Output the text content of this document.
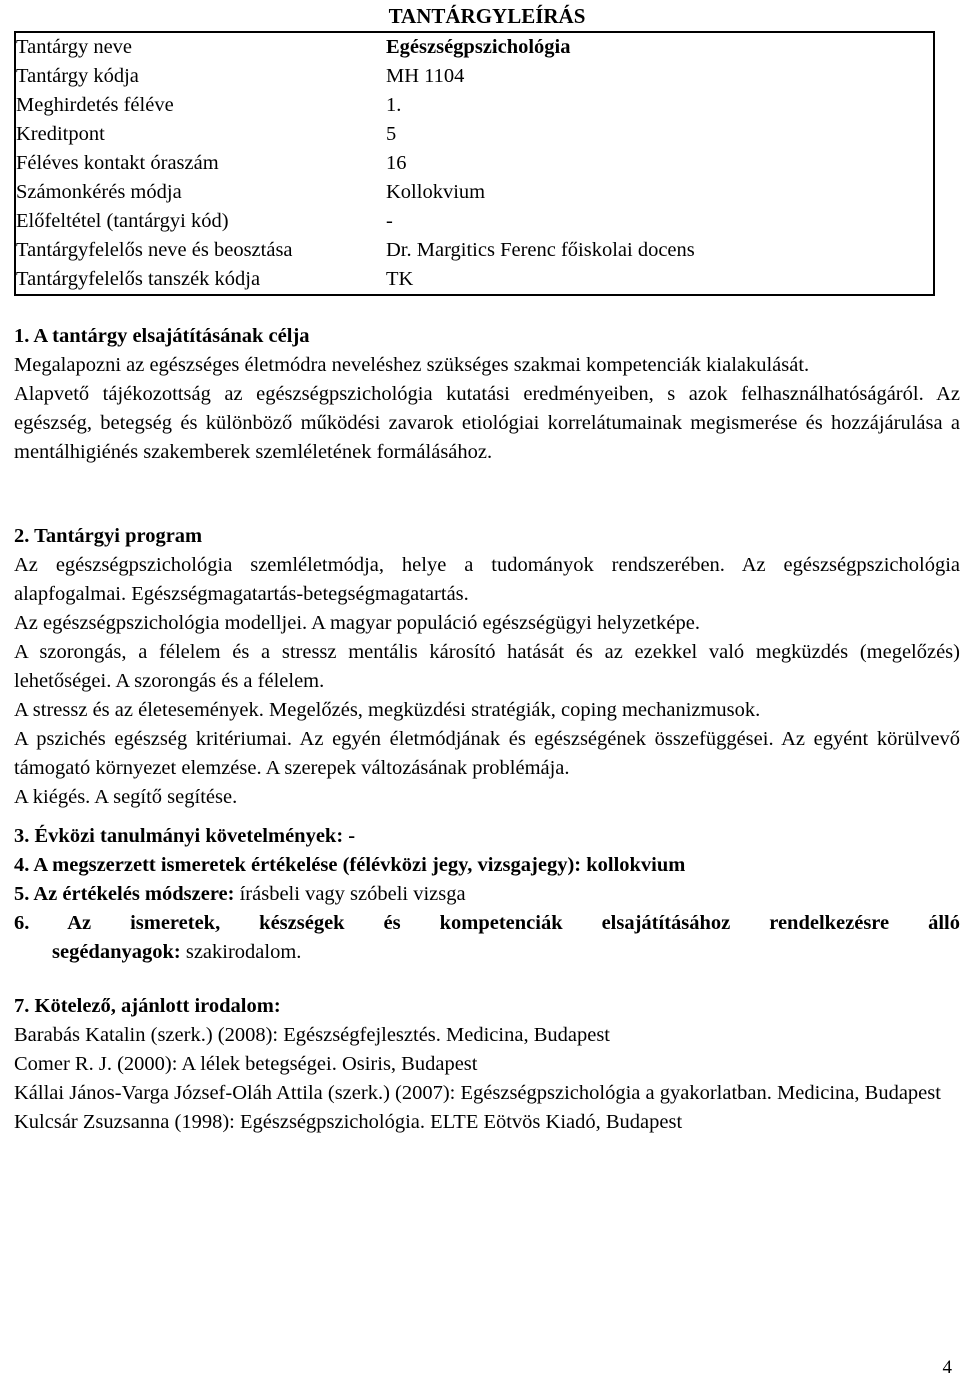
TANTÁRGYLEÍRÁS
Tantárgy neve	Egészségpszichológia
Tantárgy kódja	MH 1104
Meghirdetés féléve	1.
Kreditpont	5
Féléves kontakt óraszám	16
Számonkérés módja	Kollokvium
Előfeltétel (tantárgyi kód)	-
Tantárgyfelelős neve és beosztása	Dr. Margitics Ferenc főiskolai docens
Tantárgyfelelős tanszék kódja	TK

1. A tantárgy elsajátításának célja

Megalapozni az egészséges életmódra neveléshez szükséges szakmai kompetenciák kialakulását.

Alapvető tájékozottság az egészségpszichológia kutatási eredményeiben, s azok felhasználhatóságáról. Az egészség, betegség és különböző működési zavarok etiológiai korrelátumainak megismerése és hozzájárulása a mentálhigiénés szakemberek szemléletének formálásához.

2. Tantárgyi program

Az egészségpszichológia szemléletmódja, helye a tudományok rendszerében. Az egészségpszichológia alapfogalmai. Egészségmagatartás-betegségmagatartás.

Az egészségpszichológia modelljei. A magyar populáció egészségügyi helyzetképe.

A szorongás, a félelem és a stressz mentális károsító hatását és az ezekkel való megküzdés (megelőzés) lehetőségei. A szorongás és a félelem.

A stressz és az életesemények. Megelőzés, megküzdési stratégiák, coping mechanizmusok.

A pszichés egészség kritériumai. Az egyén életmódjának és egészségének összefüggései. Az egyént körülvevő támogató környezet elemzése. A szerepek változásának problémája.

A kiégés. A segítő segítése.

3. Évközi tanulmányi követelmények: -

4. A megszerzett ismeretek értékelése (félévközi jegy, vizsgajegy): kollokvium

5. Az értékelés módszere: írásbeli vagy szóbeli vizsga

6. Az ismeretek, készségek és kompetenciák elsajátításához rendelkezésre álló

segédanyagok: szakirodalom.

7. Kötelező, ajánlott irodalom:

Barabás Katalin (szerk.) (2008): Egészségfejlesztés. Medicina, Budapest

Comer R. J. (2000): A lélek betegségei. Osiris, Budapest

Kállai János-Varga József-Oláh Attila (szerk.) (2007): Egészségpszichológia a gyakorlatban. Medicina, Budapest

Kulcsár Zsuzsanna (1998): Egészségpszichológia. ELTE Eötvös Kiadó, Budapest

4
